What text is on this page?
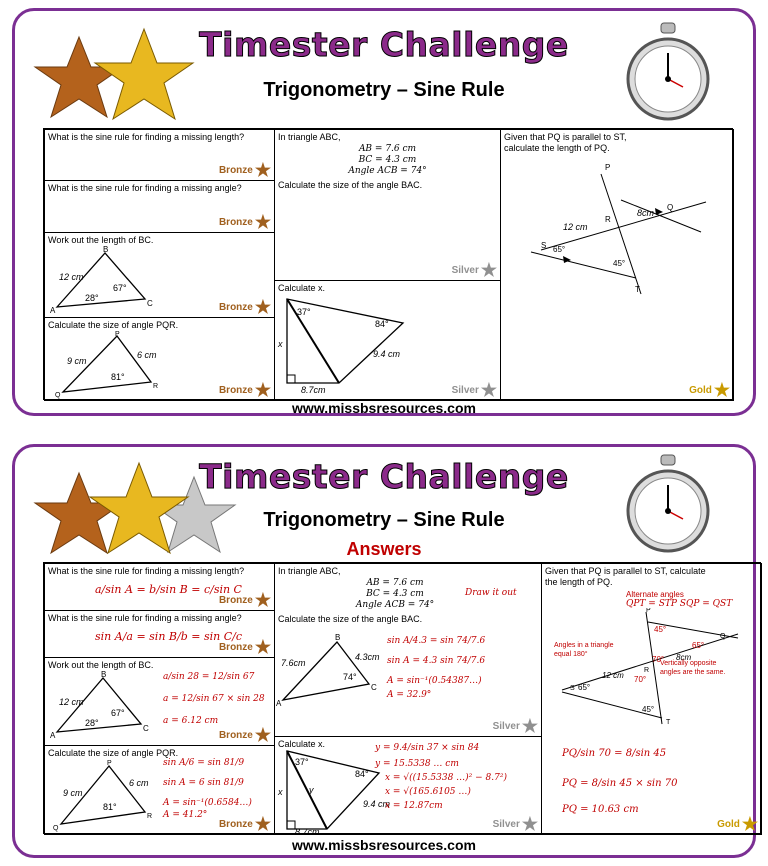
Timester Challenge
Trigonometry – Sine Rule
What is the sine rule for finding a missing length?
Bronze ★
What is the sine rule for finding a missing angle?
Bronze ★
Work out the length of BC.
B
A
C
12 cm
28°
67°
Bronze ★
Calculate the size of angle PQR.
P
Q
R
9 cm
6 cm
81°
Bronze ★
In triangle ABC,
AB = 7.6 cm
BC = 4.3 cm
Angle ACB = 74°
Calculate the size of the angle BAC.
Silver ★
Calculate x.
37°
84°
9.4 cm
8.7cm
x
Silver ★
Given that PQ is parallel to ST,
calculate the length of PQ.
P
Q
R
S
T
12 cm
8cm
65°
45°
Gold ★
www.missbsresources.com
Timester Challenge
Trigonometry – Sine Rule
Answers
What is the sine rule for finding a missing length?
a/sin A = b/sin B = c/sin C
Bronze ★
What is the sine rule for finding a missing angle?
sin A/a = sin B/b = sin C/c
Bronze ★
Work out the length of BC.
B
A
C
12 cm
28°
67°
a/sin 28 = 12/sin 67
a = 12/sin 67 × sin 28
a = 6.12 cm
Bronze ★
Calculate the size of angle PQR.
P
Q
R
9 cm
6 cm
81°
sin A/6 = sin 81/9
sin A = 6 sin 81/9
A = sin⁻¹(0.6584…)
A = 41.2°
Bronze ★
In triangle ABC,
AB = 7.6 cm
BC = 4.3 cm
Angle ACB = 74°
Draw it out
Calculate the size of the angle BAC.
B
A
C
7.6cm
4.3cm
74°
sin A/4.3 = sin 74/7.6
sin A = 4.3 sin 74/7.6
A = sin⁻¹(0.54387…)
A = 32.9°
Silver ★
Calculate x.
37°
84°
9.4 cm
8.7cm
x	y
y = 9.4/sin 37 × sin 84
y = 15.5338 … cm
x = √((15.5338 …)² − 8.7²)
x = √(165.6105 …)
x = 12.87cm
Silver ★
Given that PQ is parallel to ST, calculate
the length of PQ.
Alternate angles
QPT = STP SQP = QST
P
Q
R
S
T
65°
45°
45°
65°
70°
70°
12 cm
8cm
Angles in a triangle
equal 180°
Vertically opposite
angles are the same.
PQ/sin 70 = 8/sin 45
PQ = 8/sin 45 × sin 70
PQ = 10.63 cm
Gold ★
www.missbsresources.com
